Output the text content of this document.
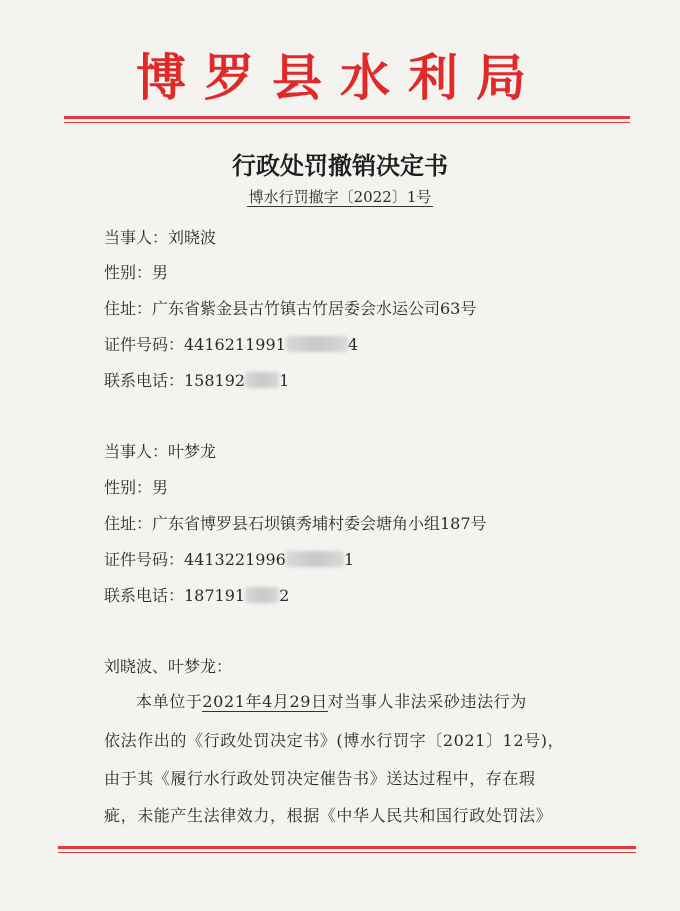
博罗县水利局
行政处罚撤销决定书
博水行罚撤字〔2022〕1号
当事人：刘晓波
性别：男
住址：广东省紫金县古竹镇古竹居委会水运公司63号
证件号码：4416211991	4
联系电话：158192 1
当事人：叶梦龙
性别：男
住址：广东省博罗县石坝镇秀埔村委会塘角小组187号
证件号码：4413221996	1
联系电话：187191 2
刘晓波、叶梦龙：
本单位于2021年4月29日对当事人非法采砂违法行为
依法作出的《行政处罚决定书》(博水行罚字〔2021〕12号)，
由于其《履行水行政处罚决定催告书》送达过程中，存在瑕
疵，未能产生法律效力，根据《中华人民共和国行政处罚法》
